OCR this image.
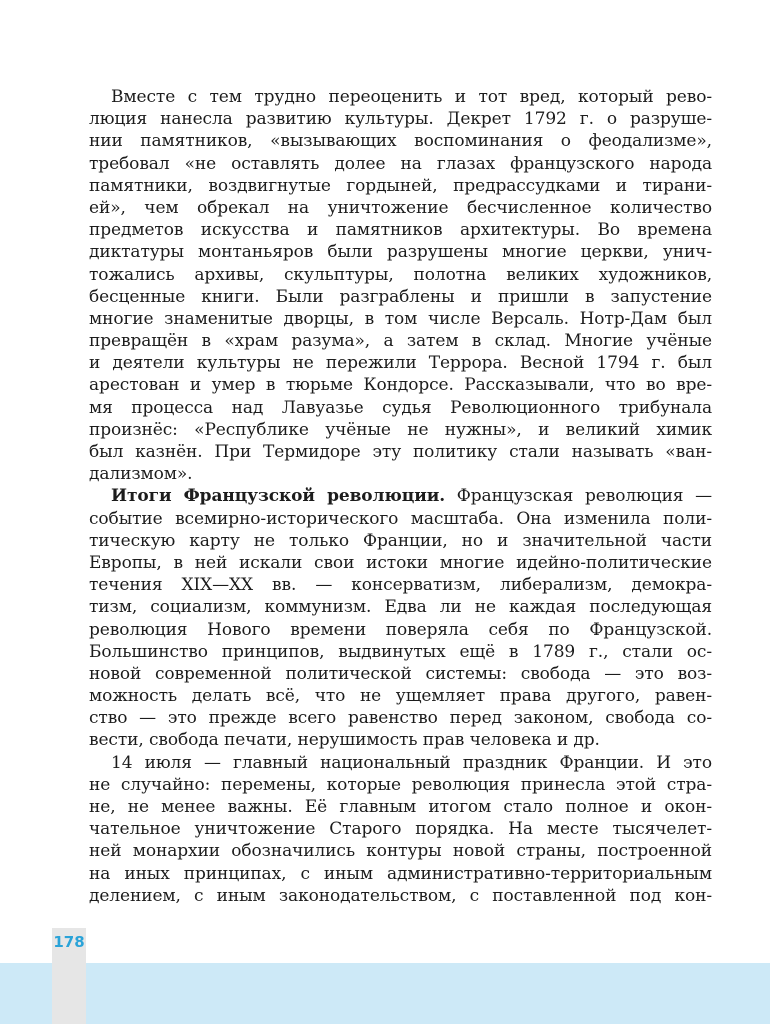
178
Вместе с тем трудно переоценить и тот вред, который рево-
люция нанесла развитию культуры. Декрет 1792 г. о разруше-
нии памятников, «вызывающих воспоминания о феодализме»,
требовал «не оставлять долее на глазах французского народа
памятники, воздвигнутые гордыней, предрассудками и тирани-
ей», чем обрекал на уничтожение бесчисленное количество
предметов искусства и памятников архитектуры. Во времена
диктатуры монтаньяров были разрушены многие церкви, унич-
тожались архивы, скульптуры, полотна великих художников,
бесценные книги. Были разграблены и пришли в запустение
многие знаменитые дворцы, в том числе Версаль. Нотр-Дам был
превращён в «храм разума», а затем в склад. Многие учёные
и деятели культуры не пережили Террора. Весной 1794 г. был
арестован и умер в тюрьме Кондорсе. Рассказывали, что во вре-
мя процесса над Лавуазье судья Революционного трибунала
произнёс: «Республике учёные не нужны», и великий химик
был казнён. При Термидоре эту политику стали называть «ван-
дализмом».
Итоги Французской революции. Французская революция —
событие всемирно-исторического масштаба. Она изменила поли-
тическую карту не только Франции, но и значительной части
Европы, в ней искали свои истоки многие идейно-политические
течения XIX—XX вв. — консерватизм, либерализм, демокра-
тизм, социализм, коммунизм. Едва ли не каждая последующая
революция Нового времени поверяла себя по Французской.
Большинство принципов, выдвинутых ещё в 1789 г., стали ос-
новой современной политической системы: свобода — это воз-
можность делать всё, что не ущемляет права другого, равен-
ство — это прежде всего равенство перед законом, свобода со-
вести, свобода печати, нерушимость прав человека и др.
14 июля — главный национальный праздник Франции. И это
не случайно: перемены, которые революция принесла этой стра-
не, не менее важны. Её главным итогом стало полное и окон-
чательное уничтожение Старого порядка. На месте тысячелет-
ней монархии обозначились контуры новой страны, построенной
на иных принципах, с иным административно-территориальным
делением, с иным законодательством, с поставленной под кон-
